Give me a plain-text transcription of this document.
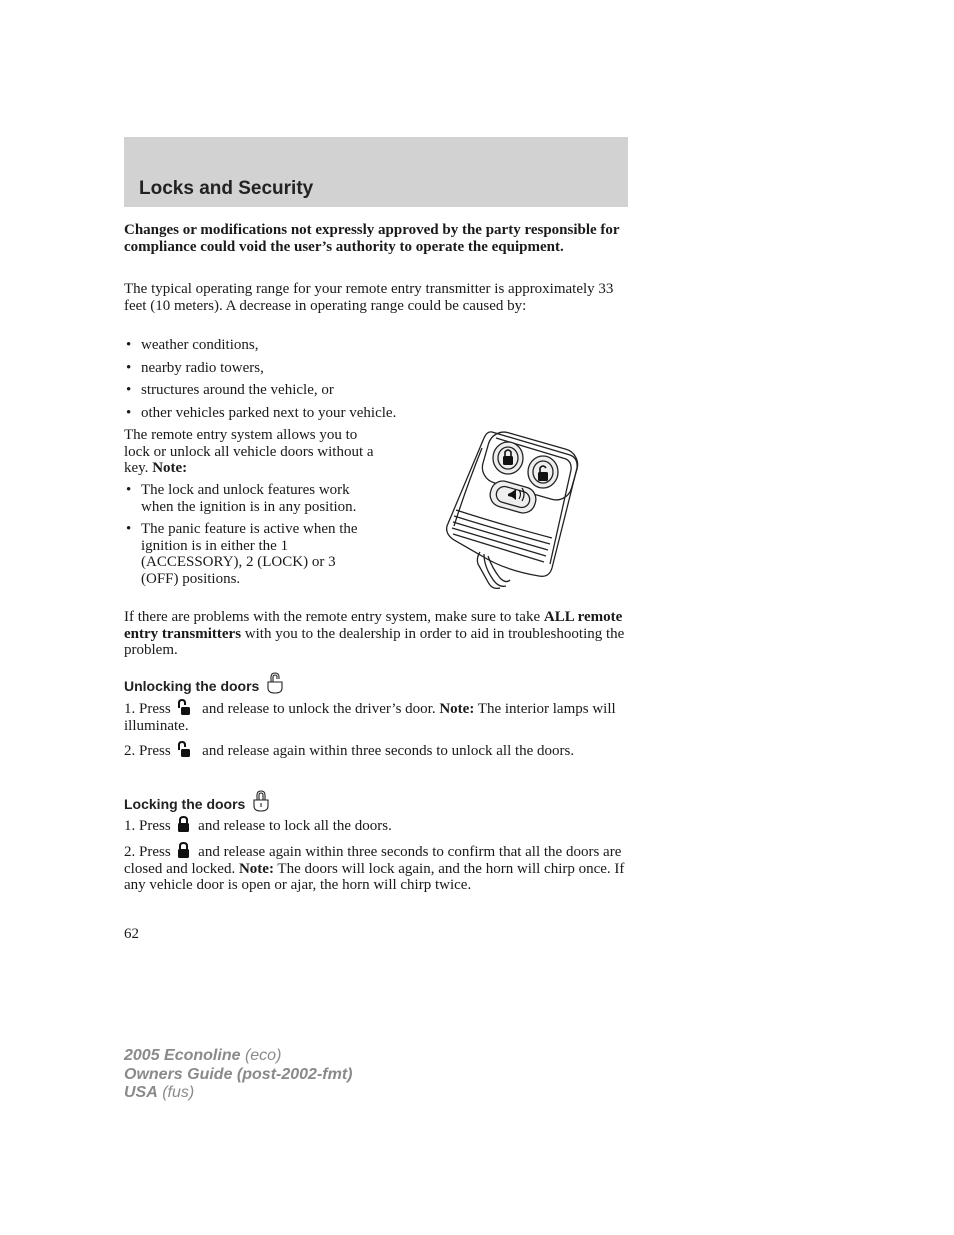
Locks and Security

Changes or modifications not expressly approved by the party responsible for compliance could void the user’s authority to operate the equipment.

The typical operating range for your remote entry transmitter is approximately 33 feet (10 meters). A decrease in operating range could be caused by:

• weather conditions,
• nearby radio towers,
• structures around the vehicle, or
• other vehicles parked next to your vehicle.

The remote entry system allows you to lock or unlock all vehicle doors without a key. Note:

• The lock and unlock features work when the ignition is in any position.
• The panic feature is active when the ignition is in either the 1 (ACCESSORY), 2 (LOCK) or 3 (OFF) positions.

If there are problems with the remote entry system, make sure to take ALL remote entry transmitters with you to the dealership in order to aid in troubleshooting the problem.

Unlocking the doors

1. Press  and release to unlock the driver’s door. Note: The interior lamps will illuminate.

2. Press  and release again within three seconds to unlock all the doors.

Locking the doors

1. Press  and release to lock all the doors.

2. Press  and release again within three seconds to confirm that all the doors are closed and locked. Note: The doors will lock again, and the horn will chirp once. If any vehicle door is open or ajar, the horn will chirp twice.

62

2005 Econoline (eco)
Owners Guide (post-2002-fmt)
USA (fus)
